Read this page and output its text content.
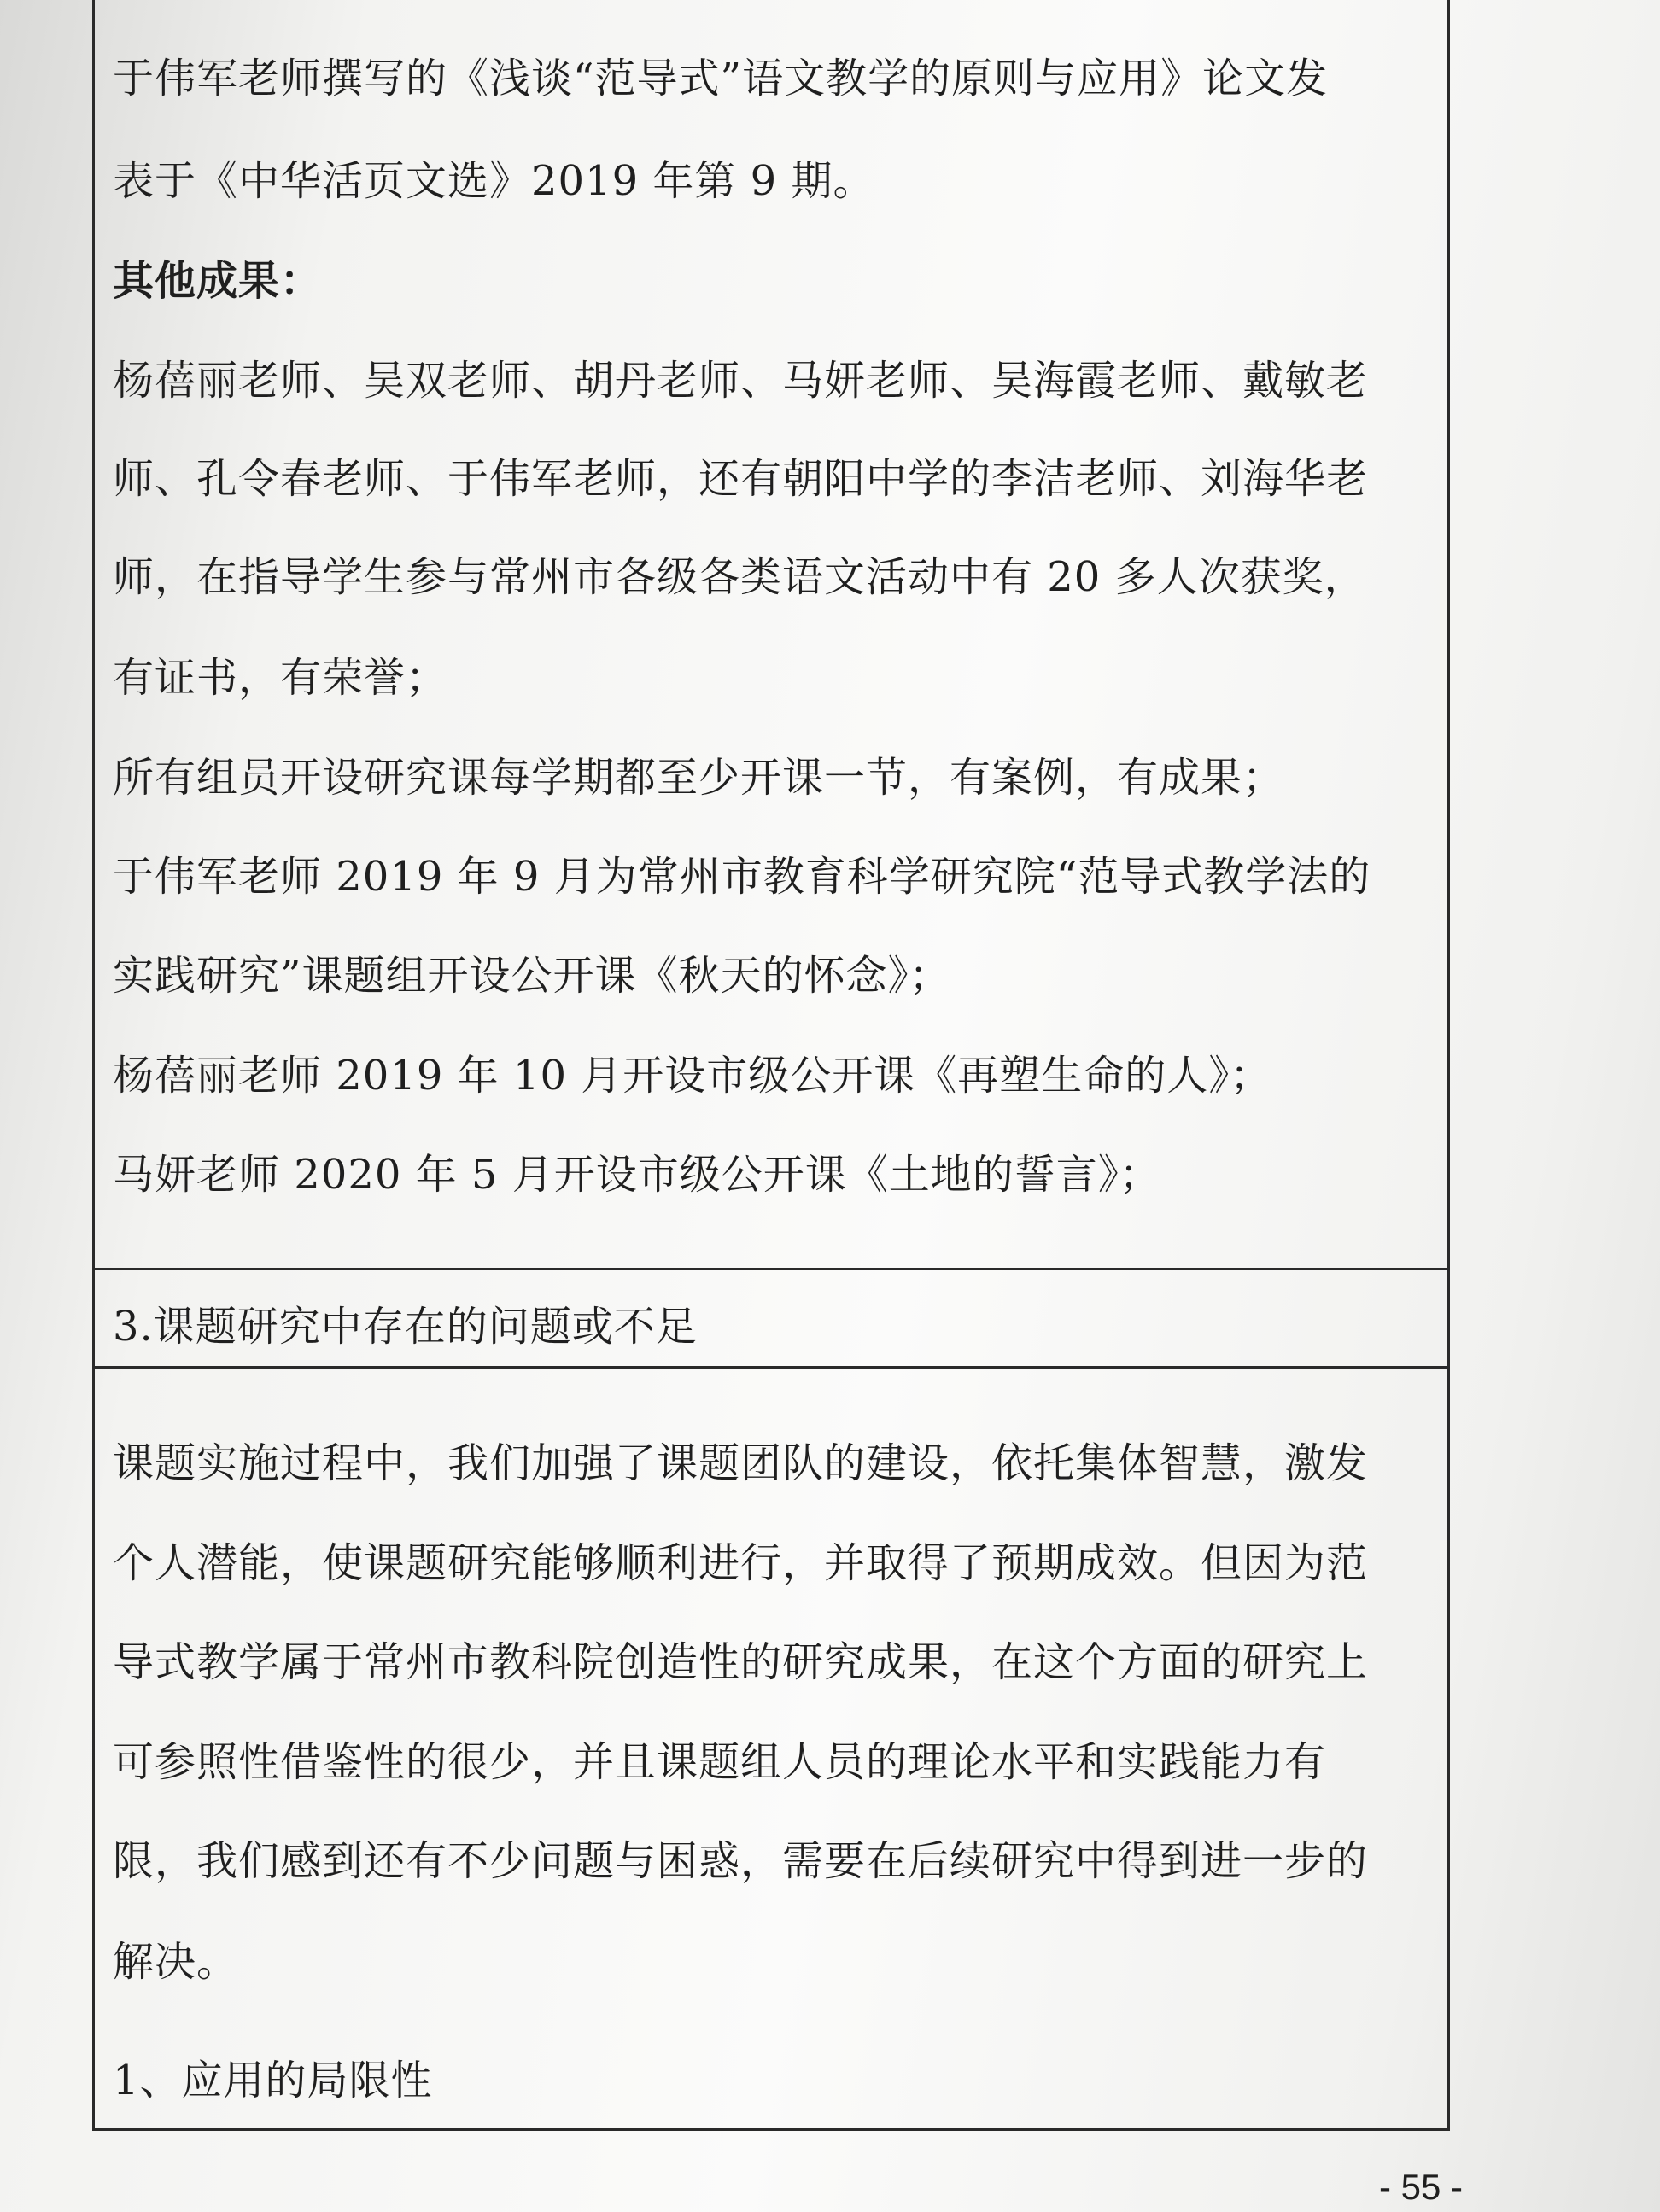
于伟军老师撰写的《浅谈“范导式”语文教学的原则与应用》论文发
表于《中华活页文选》2019 年第 9 期。
其他成果：
杨蓓丽老师、吴双老师、胡丹老师、马妍老师、吴海霞老师、戴敏老
师、孔令春老师、于伟军老师，还有朝阳中学的李洁老师、刘海华老
师，在指导学生参与常州市各级各类语文活动中有 20 多人次获奖，
有证书，有荣誉；
所有组员开设研究课每学期都至少开课一节，有案例，有成果；
于伟军老师 2019 年 9 月为常州市教育科学研究院“范导式教学法的
实践研究”课题组开设公开课《秋天的怀念》；
杨蓓丽老师 2019 年 10 月开设市级公开课《再塑生命的人》；
马妍老师 2020 年 5 月开设市级公开课《土地的誓言》；
3.课题研究中存在的问题或不足
课题实施过程中，我们加强了课题团队的建设，依托集体智慧，激发
个人潜能，使课题研究能够顺利进行，并取得了预期成效。但因为范
导式教学属于常州市教科院创造性的研究成果，在这个方面的研究上
可参照性借鉴性的很少，并且课题组人员的理论水平和实践能力有
限，我们感到还有不少问题与困惑，需要在后续研究中得到进一步的
解决。
1、应用的局限性
- 55 -
